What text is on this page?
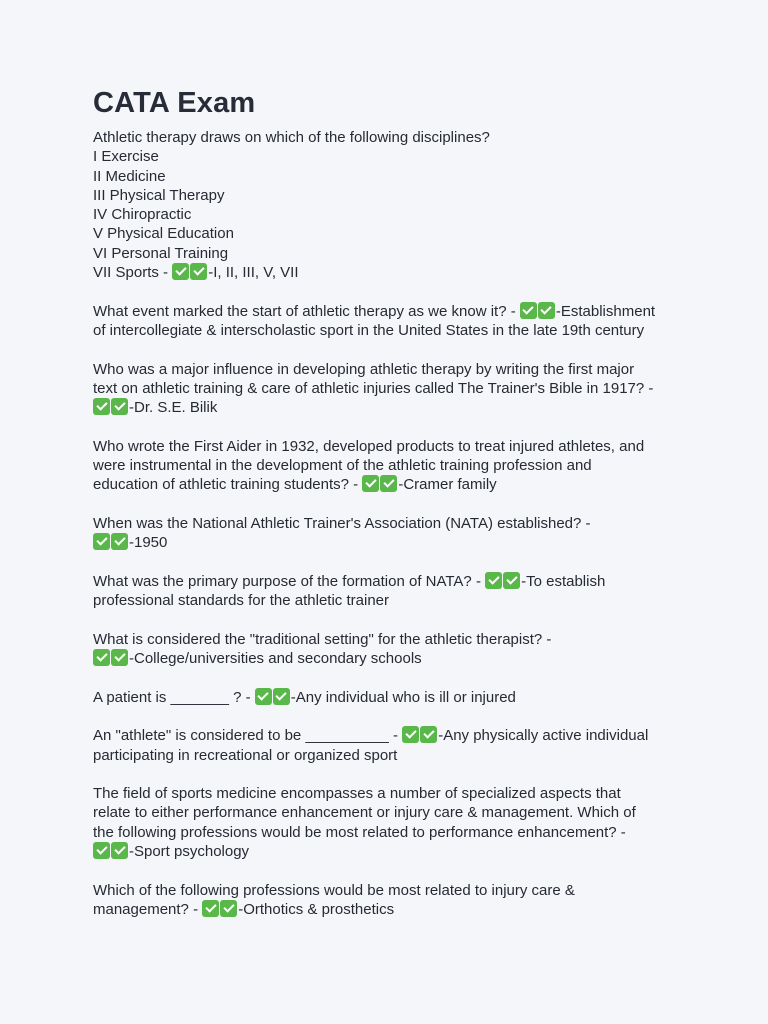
CATA Exam
Athletic therapy draws on which of the following disciplines?
I Exercise
II Medicine
III Physical Therapy
IV Chiropractic
V Physical Education
VI Personal Training
VII Sports - -I, II, III, V, VII
What event marked the start of athletic therapy as we know it? - -Establishment
of intercollegiate & interscholastic sport in the United States in the late 19th century
Who was a major influence in developing athletic therapy by writing the first major
text on athletic training & care of athletic injuries called The Trainer's Bible in 1917? -
-Dr. S.E. Bilik
Who wrote the First Aider in 1932, developed products to treat injured athletes, and
were instrumental in the development of the athletic training profession and
education of athletic training students? - -Cramer family
When was the National Athletic Trainer's Association (NATA) established? -
-1950
What was the primary purpose of the formation of NATA? - -To establish
professional standards for the athletic trainer
What is considered the "traditional setting" for the athletic therapist? -
-College/universities and secondary schools
A patient is _______ ? - -Any individual who is ill or injured
An "athlete" is considered to be __________ - -Any physically active individual
participating in recreational or organized sport
The field of sports medicine encompasses a number of specialized aspects that
relate to either performance enhancement or injury care & management. Which of
the following professions would be most related to performance enhancement? -
-Sport psychology
Which of the following professions would be most related to injury care &
management? - -Orthotics & prosthetics
